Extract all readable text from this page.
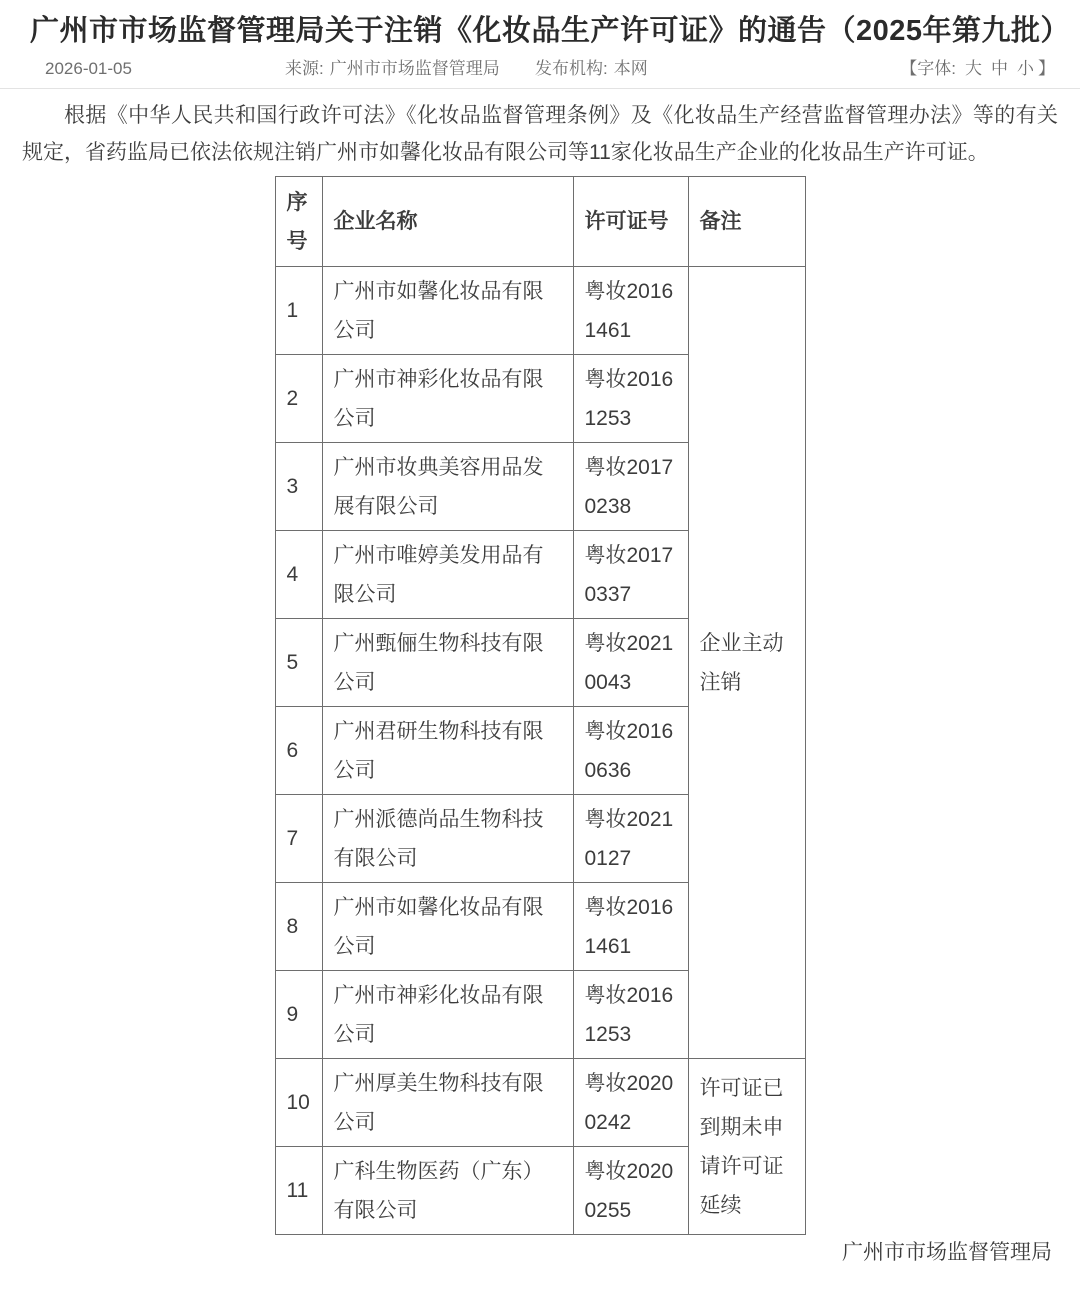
广州市市场监督管理局关于注销《化妆品生产许可证》的通告（2025年第九批）
2026-01-05	来源: 广州市市场监督管理局	发布机构: 本网	【字体: 大 中 小 】

根据《中华人民共和国行政许可法》《化妆品监督管理条例》及《化妆品生产经营监督管理办法》等的有关规定，省药监局已依法依规注销广州市如馨化妆品有限公司等11家化妆品生产企业的化妆品生产许可证。

序号	企业名称	许可证号	备注
1	广州市如馨化妆品有限公司	粤妆20161461	企业主动注销
2	广州市神彩化妆品有限公司	粤妆20161253	
3	广州市妆典美容用品发展有限公司	粤妆20170238	
4	广州市唯婷美发用品有限公司	粤妆20170337	
5	广州甄俪生物科技有限公司	粤妆20210043	
6	广州君研生物科技有限公司	粤妆20160636	
7	广州派德尚品生物科技有限公司	粤妆20210127	
8	广州市如馨化妆品有限公司	粤妆20161461	
9	广州市神彩化妆品有限公司	粤妆20161253	
10	广州厚美生物科技有限公司	粤妆20200242	许可证已到期未申请许可证延续
11	广科生物医药（广东）有限公司	粤妆20200255	
广州市市场监督管理局
